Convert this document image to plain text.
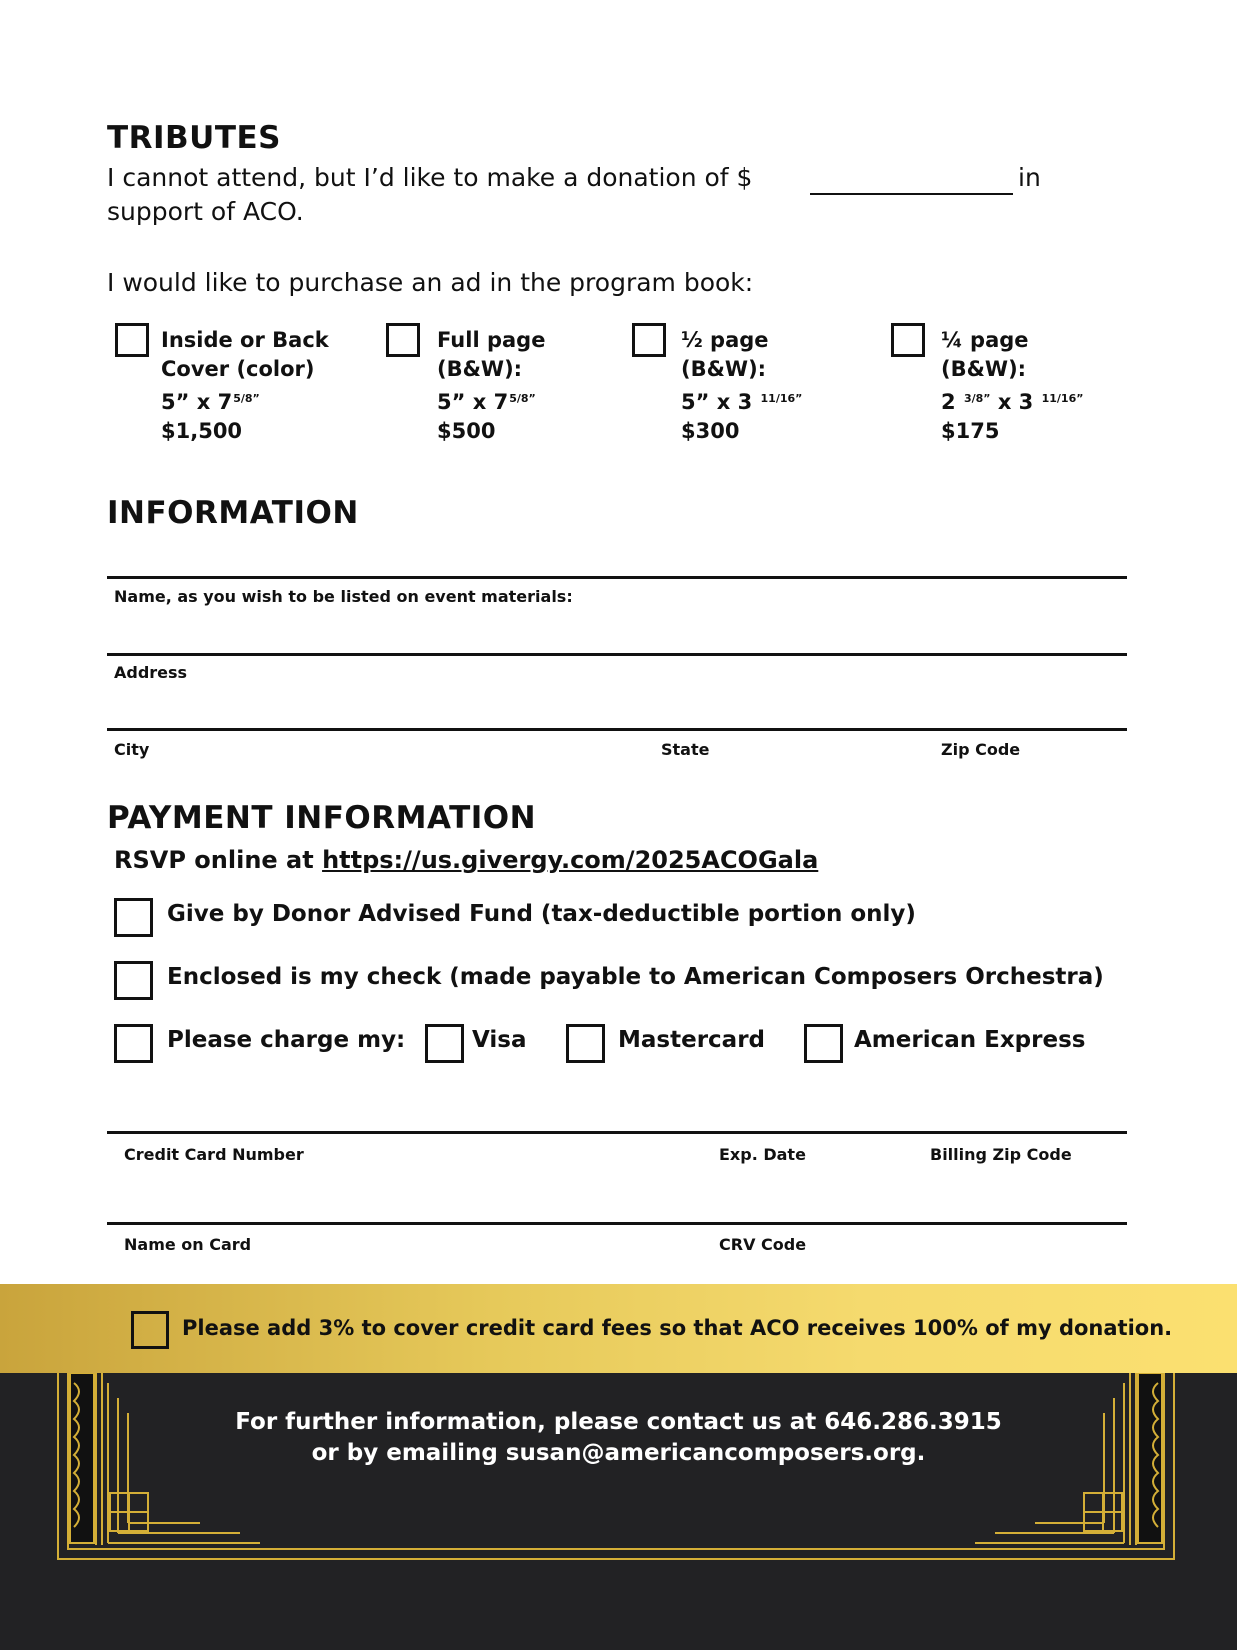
TRIBUTES
I cannot attend, but I’d like to make a donation of $	in
support of ACO.
I would like to purchase an ad in the program book:
Inside or Back
Cover (color)
5” x $7^{5/8”}$
$1,500
Full page
(B&W):
5” x $7^{5/8”}$
$500
½ page
(B&W):
5” x 3 $^{11/16”}$
$300
¼ page
(B&W):
2 $^{3/8”}$ x 3 $^{11/16”}$
$175
INFORMATION
Name, as you wish to be listed on event materials:
Address
City	State	Zip Code
PAYMENT INFORMATION
RSVP online at https://us.givergy.com/2025ACOGala
Give by Donor Advised Fund (tax-deductible portion only)
Enclosed is my check (made payable to American Composers Orchestra)
Please charge my:	Visa	Mastercard	American Express
Credit Card Number	Exp. Date	Billing Zip Code
Name on Card	CRV Code
Please add 3% to cover credit card fees so that ACO receives 100% of my donation.
For further information, please contact us at 646.286.3915
or by emailing susan@americancomposers.org.
